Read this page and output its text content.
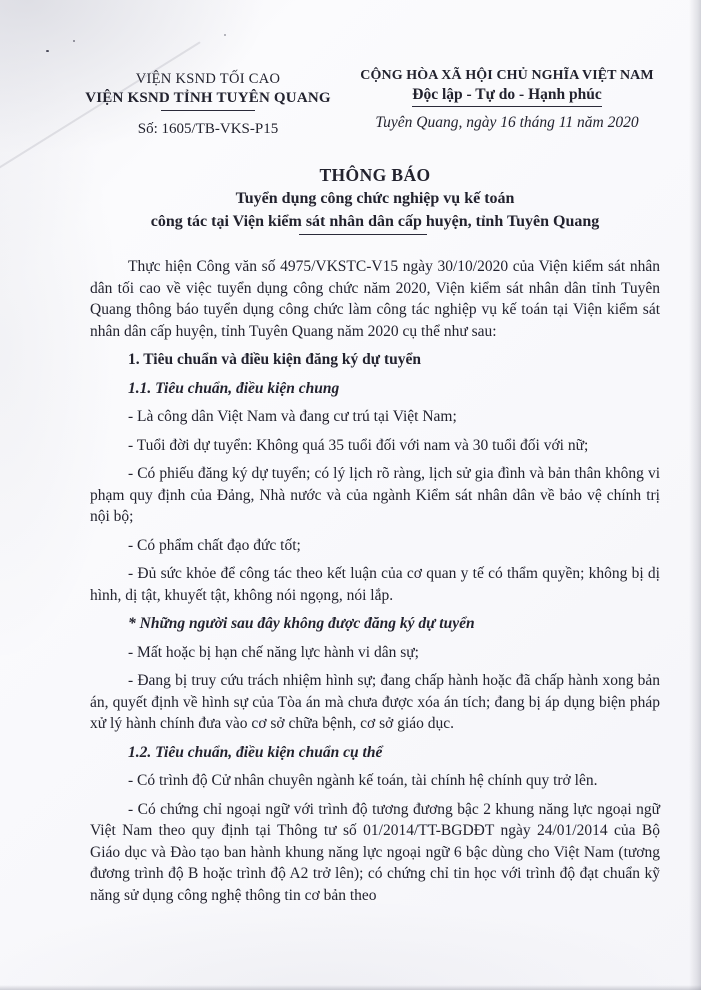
VIỆN KSND TỐI CAO
VIỆN KSND TỈNH TUYÊN QUANG
Số: 1605/TB-VKS-P15
CỘNG HÒA XÃ HỘI CHỦ NGHĨA VIỆT NAM
Độc lập - Tự do - Hạnh phúc
Tuyên Quang, ngày 16 tháng 11 năm 2020
THÔNG BÁO
Tuyển dụng công chức nghiệp vụ kế toán
công tác tại Viện kiểm sát nhân dân cấp huyện, tỉnh Tuyên Quang

Thực hiện Công văn số 4975/VKSTC-V15 ngày 30/10/2020 của Viện kiểm sát nhân dân tối cao về việc tuyển dụng công chức năm 2020, Viện kiểm sát nhân dân tỉnh Tuyên Quang thông báo tuyển dụng công chức làm công tác nghiệp vụ kế toán tại Viện kiểm sát nhân dân cấp huyện, tỉnh Tuyên Quang năm 2020 cụ thể như sau:

1. Tiêu chuẩn và điều kiện đăng ký dự tuyển

1.1. Tiêu chuẩn, điều kiện chung

- Là công dân Việt Nam và đang cư trú tại Việt Nam;

- Tuổi đời dự tuyển: Không quá 35 tuổi đối với nam và 30 tuổi đối với nữ;

- Có phiếu đăng ký dự tuyển; có lý lịch rõ ràng, lịch sử gia đình và bản thân không vi phạm quy định của Đảng, Nhà nước và của ngành Kiểm sát nhân dân về bảo vệ chính trị nội bộ;

- Có phẩm chất đạo đức tốt;

- Đủ sức khỏe để công tác theo kết luận của cơ quan y tế có thẩm quyền; không bị dị hình, dị tật, khuyết tật, không nói ngọng, nói lắp.

* Những người sau đây không được đăng ký dự tuyển

- Mất hoặc bị hạn chế năng lực hành vi dân sự;

- Đang bị truy cứu trách nhiệm hình sự; đang chấp hành hoặc đã chấp hành xong bản án, quyết định về hình sự của Tòa án mà chưa được xóa án tích; đang bị áp dụng biện pháp xử lý hành chính đưa vào cơ sở chữa bệnh, cơ sở giáo dục.

1.2. Tiêu chuẩn, điều kiện chuẩn cụ thể

- Có trình độ Cử nhân chuyên ngành kế toán, tài chính hệ chính quy trở lên.

- Có chứng chỉ ngoại ngữ với trình độ tương đương bậc 2 khung năng lực ngoại ngữ Việt Nam theo quy định tại Thông tư số 01/2014/TT-BGDĐT ngày 24/01/2014 của Bộ Giáo dục và Đào tạo ban hành khung năng lực ngoại ngữ 6 bậc dùng cho Việt Nam (tương đương trình độ B hoặc trình độ A2 trở lên); có chứng chỉ tin học với trình độ đạt chuẩn kỹ năng sử dụng công nghệ thông tin cơ bản theo
